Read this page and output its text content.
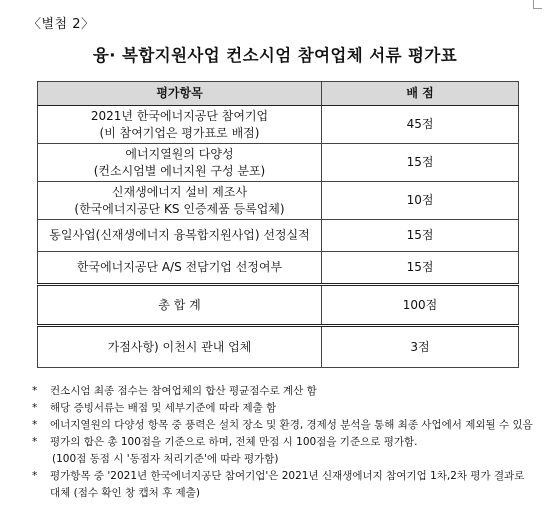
〈별첨 2〉
융· 복합지원사업 컨소시엄 참여업체 서류 평가표
평가항목	배 점

2021년 한국에너지공단 참여기업
(비 참여기업은 평가표로 배점)	45점

에너지열원의 다양성
(컨소시엄별 에너지원 구성 분포)	15점

신재생에너지 설비 제조사
(한국에너지공단 KS 인증제품 등록업체)	10점

동일사업(신재생에너지 융복합지원사업) 선정실적	15점

한국에너지공단 A/S 전담기업 선정여부	15점
총 합 계	100점
가점사항) 이천시 관내 업체	3점
*	컨소시엄 최종 점수는 참여업체의 합산 평균점수로 계산 함
*	해당 증빙서류는 배점 및 세부기준에 따라 제출 함
*	에너지열원의 다양성 항목 중 풍력은 설치 장소 및 환경, 경제성 분석을 통해 최종 사업에서 제외될 수 있음
*	평가의 합은 총 100점을 기준으로 하며, 전체 만점 시 100점을 기준으로 평가함.
(100점 동점 시 '동점자 처리기준'에 따라 평가함)
*	평가항목 중 '2021년 한국에너지공단 참여기업'은 2021년 신재생에너지 참여기업 1차,2차 평가 결과로 대체 (점수 확인 창 캡처 후 제출)
